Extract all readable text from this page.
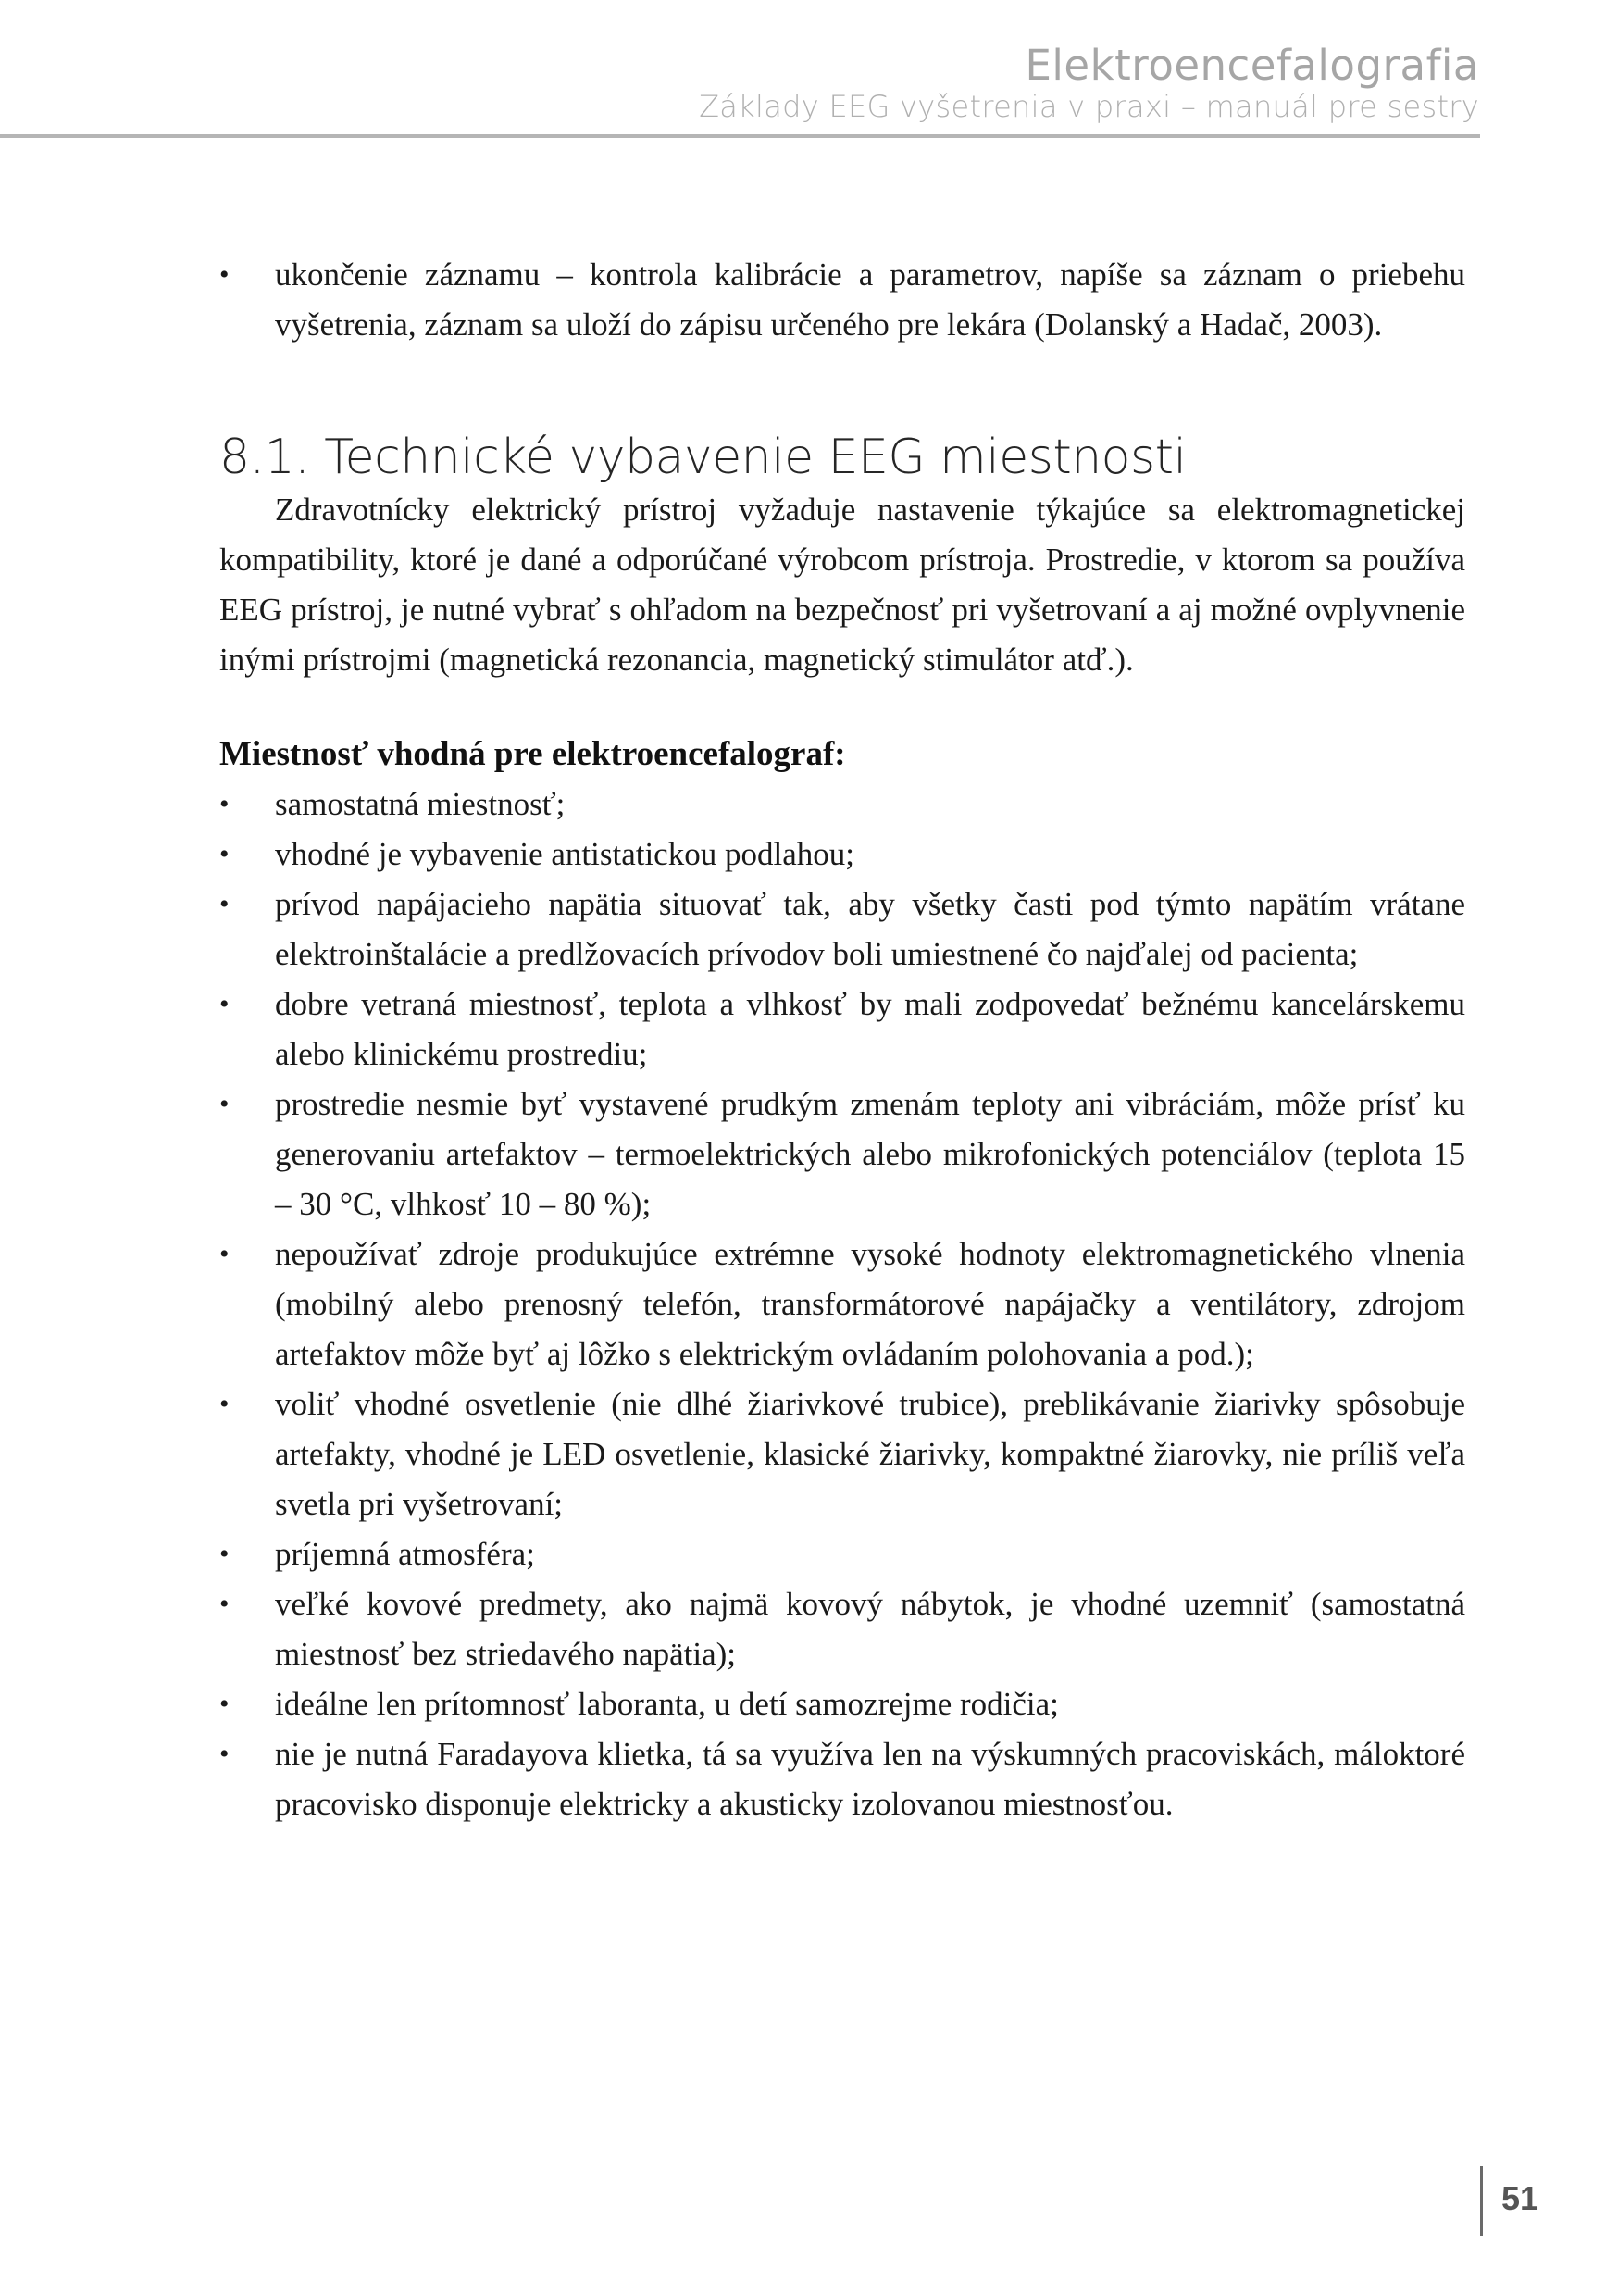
Elektroencefalografia
Základy EEG vyšetrenia v praxi – manuál pre sestry
•	ukončenie záznamu – kontrola kalibrácie a parametrov, napíše sa záznam o priebehu vyšetrenia, záznam sa uloží do zápisu určeného pre lekára (Dolanský a Hadač, 2003).
8.1. Technické vybavenie EEG miestnosti

Zdravotnícky elektrický prístroj vyžaduje nastavenie týkajúce sa elektromagnetickej kompatibility, ktoré je dané a odporúčané výrobcom prístroja. Prostredie, v ktorom sa používa EEG prístroj, je nutné vybrať s ohľadom na bezpečnosť pri vyšetrovaní a aj možné ovplyvnenie inými prístrojmi (magnetická rezonancia, magnetický stimulátor atď.).

Miestnosť vhodná pre elektroencefalograf:
•	samostatná miestnosť;
•	vhodné je vybavenie antistatickou podlahou;
•	prívod napájacieho napätia situovať tak, aby všetky časti pod týmto napätím vrátane elektroinštalácie a predlžovacích prívodov boli umiestnené čo najďalej od pacienta;
•	dobre vetraná miestnosť, teplota a vlhkosť by mali zodpovedať bežnému kancelárskemu alebo klinickému prostrediu;
•	prostredie nesmie byť vystavené prudkým zmenám teploty ani vibráciám, môže prísť ku generovaniu artefaktov – termoelektrických alebo mikrofonických potenciálov (teplota 15 – 30 °C, vlhkosť 10 – 80 %);
•	nepoužívať zdroje produkujúce extrémne vysoké hodnoty elektromagnetického vlnenia (mobilný alebo prenosný telefón, transformátorové napájačky a ventilátory, zdrojom artefaktov môže byť aj lôžko s elektrickým ovládaním polohovania a pod.);
•	voliť vhodné osvetlenie (nie dlhé žiarivkové trubice), preblikávanie žiarivky spôsobuje artefakty, vhodné je LED osvetlenie, klasické žiarivky, kompaktné žiarovky, nie príliš veľa svetla pri vyšetrovaní;
•	príjemná atmosféra;
•	veľké kovové predmety, ako najmä kovový nábytok, je vhodné uzemniť (samostatná miestnosť bez striedavého napätia);
•	ideálne len prítomnosť laboranta, u detí samozrejme rodičia;
•	nie je nutná Faradayova klietka, tá sa využíva len na výskumných pracoviskách, máloktoré pracovisko disponuje elektricky a akusticky izolovanou miestnosťou.
51
